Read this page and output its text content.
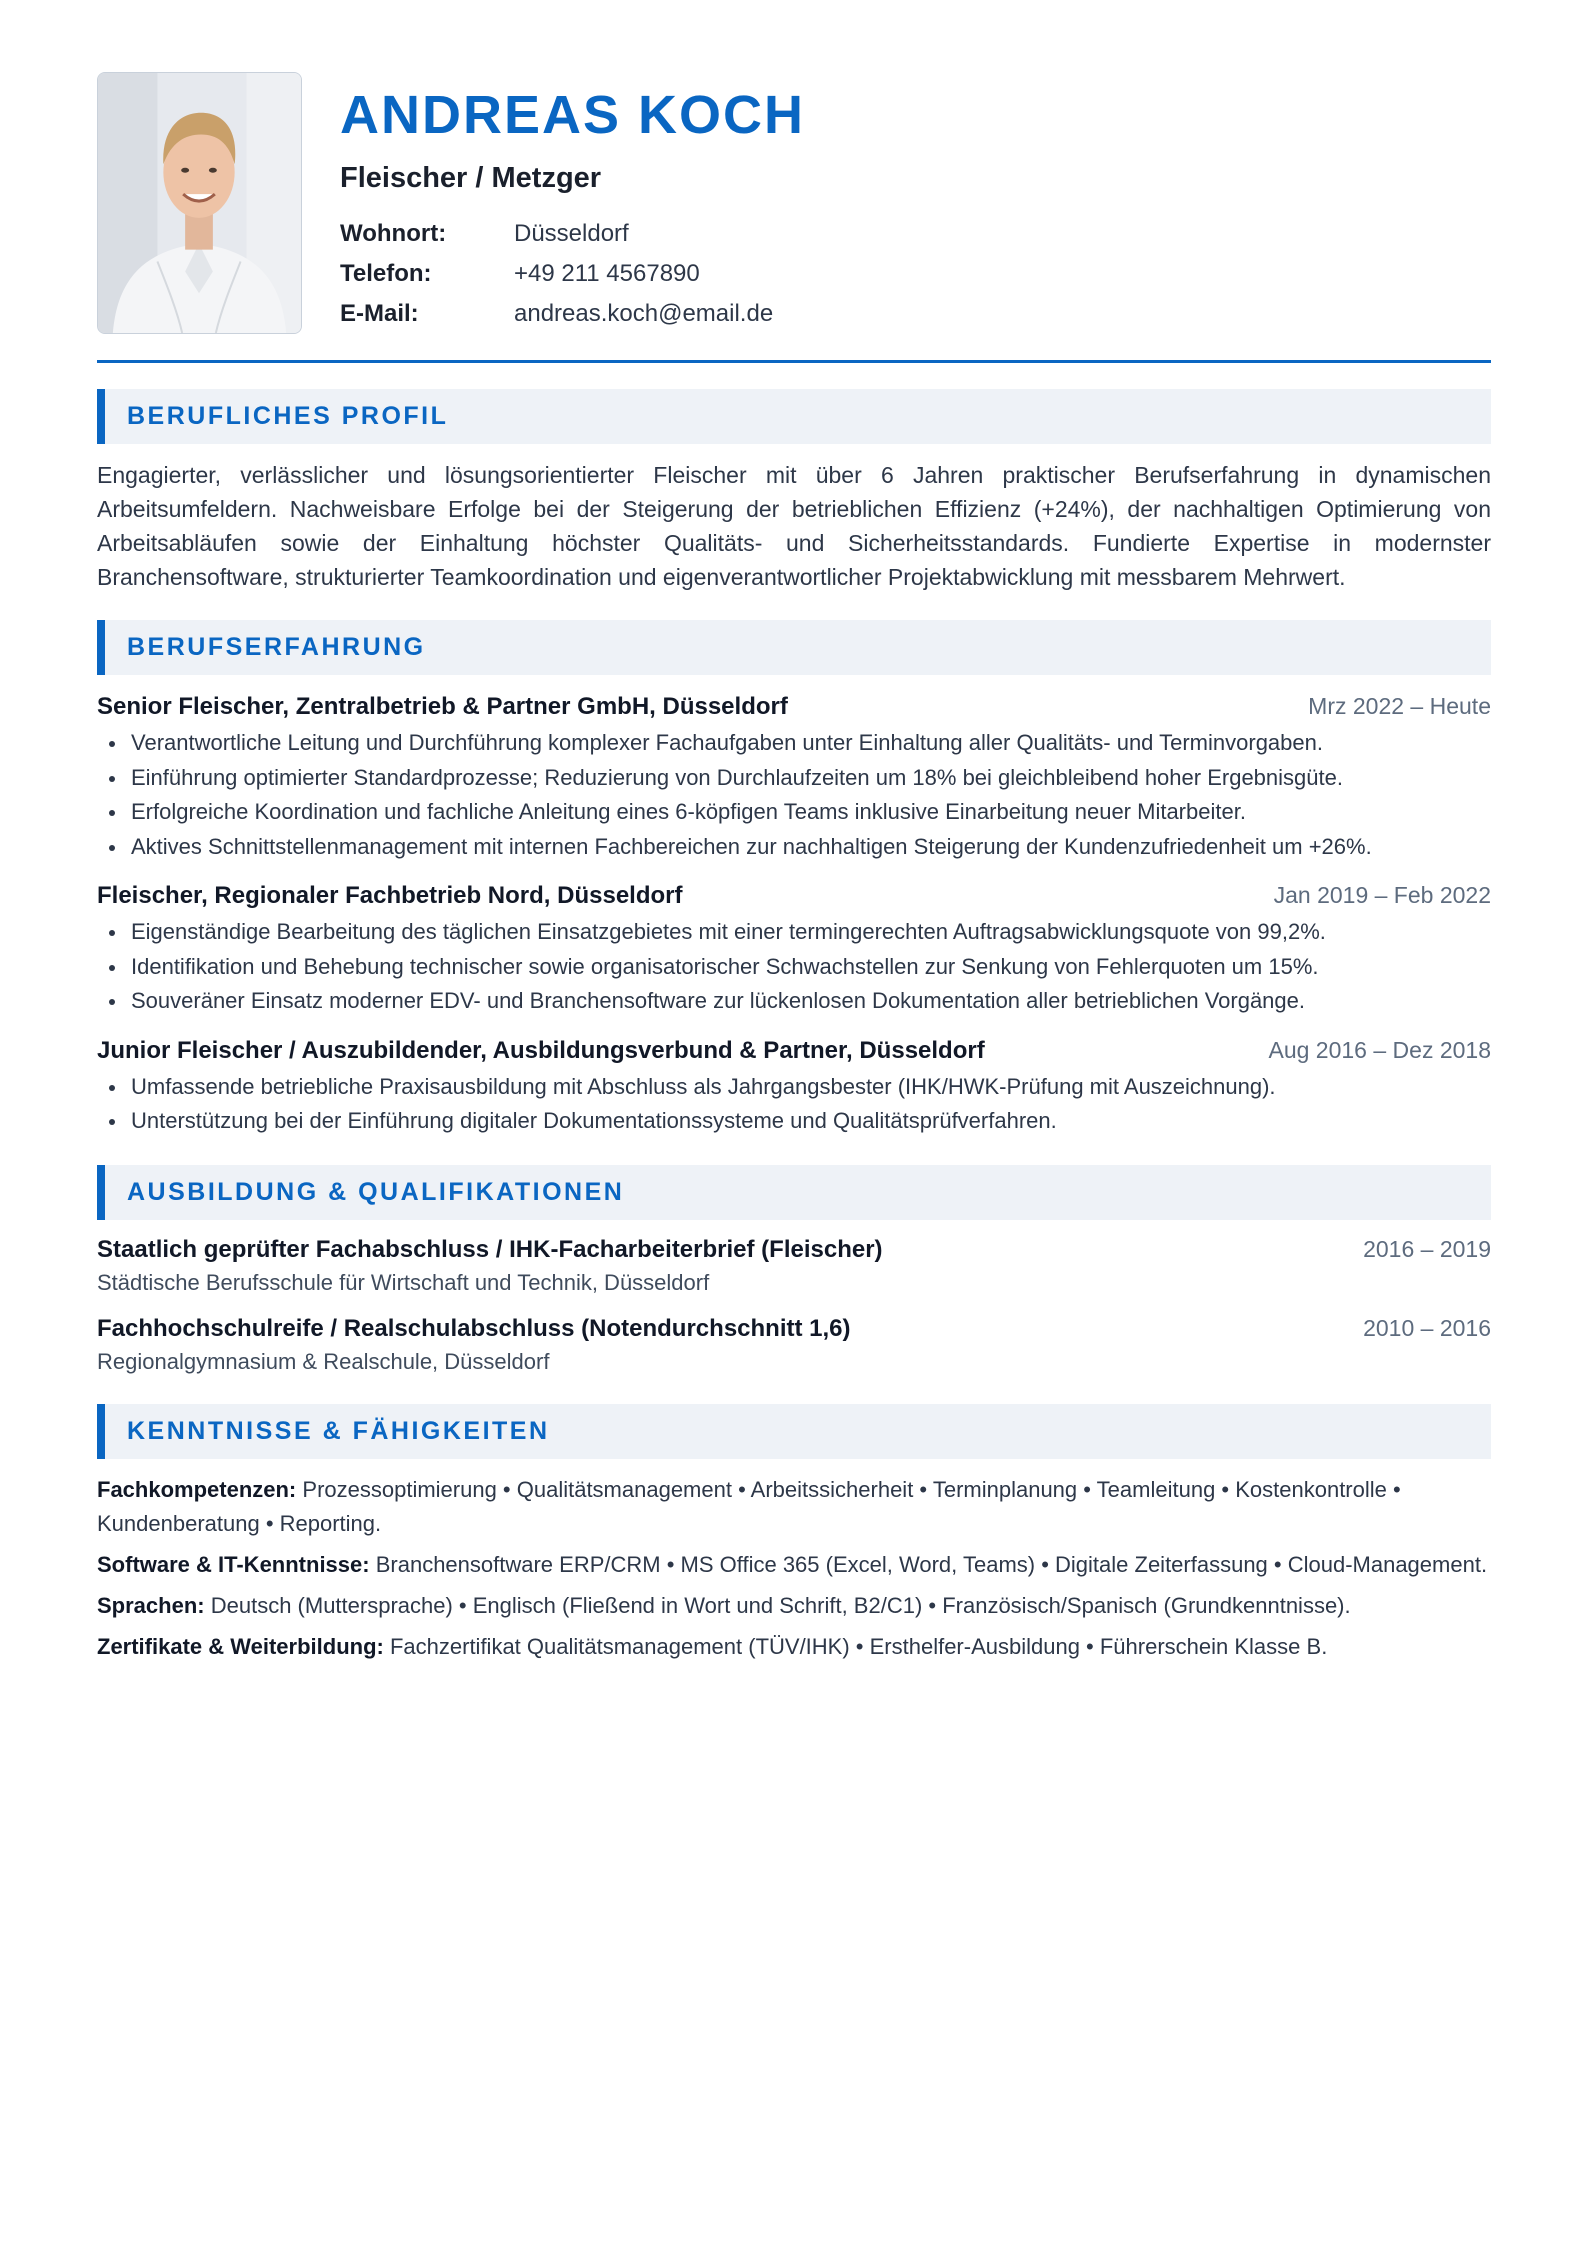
ANDREAS KOCH
Fleischer / Metzger
Wohnort:	Düsseldorf
Telefon:	+49 211 4567890
E-Mail:	andreas.koch@email.de
BERUFLICHES PROFIL

Engagierter, verlässlicher und lösungsorientierter Fleischer mit über 6 Jahren praktischer Berufserfahrung in dynamischen Arbeitsumfeldern. Nachweisbare Erfolge bei der Steigerung der betrieblichen Effizienz (+24%), der nachhaltigen Optimierung von Arbeitsabläufen sowie der Einhaltung höchster Qualitäts- und Sicherheitsstandards. Fundierte Expertise in modernster Branchensoftware, strukturierter Teamkoordination und eigenverantwortlicher Projektabwicklung mit messbarem Mehrwert.

BERUFSERFAHRUNG
Senior Fleischer, Zentralbetrieb & Partner GmbH, Düsseldorf	Mrz 2022 – Heute
Verantwortliche Leitung und Durchführung komplexer Fachaufgaben unter Einhaltung aller Qualitäts- und Terminvorgaben.
Einführung optimierter Standardprozesse; Reduzierung von Durchlaufzeiten um 18% bei gleichbleibend hoher Ergebnisgüte.
Erfolgreiche Koordination und fachliche Anleitung eines 6-köpfigen Teams inklusive Einarbeitung neuer Mitarbeiter.
Aktives Schnittstellenmanagement mit internen Fachbereichen zur nachhaltigen Steigerung der Kundenzufriedenheit um +26%.
Fleischer, Regionaler Fachbetrieb Nord, Düsseldorf	Jan 2019 – Feb 2022
Eigenständige Bearbeitung des täglichen Einsatzgebietes mit einer termingerechten Auftragsabwicklungsquote von 99,2%.
Identifikation und Behebung technischer sowie organisatorischer Schwachstellen zur Senkung von Fehlerquoten um 15%.
Souveräner Einsatz moderner EDV- und Branchensoftware zur lückenlosen Dokumentation aller betrieblichen Vorgänge.
Junior Fleischer / Auszubildender, Ausbildungsverbund & Partner, Düsseldorf	Aug 2016 – Dez 2018
Umfassende betriebliche Praxisausbildung mit Abschluss als Jahrgangsbester (IHK/HWK-Prüfung mit Auszeichnung).
Unterstützung bei der Einführung digitaler Dokumentationssysteme und Qualitätsprüfverfahren.
AUSBILDUNG & QUALIFIKATIONEN
Staatlich geprüfter Fachabschluss / IHK-Facharbeiterbrief (Fleischer)	2016 – 2019
Städtische Berufsschule für Wirtschaft und Technik, Düsseldorf
Fachhochschulreife / Realschulabschluss (Notendurchschnitt 1,6)	2010 – 2016
Regionalgymnasium & Realschule, Düsseldorf
KENNTNISSE & FÄHIGKEITEN

Fachkompetenzen: Prozessoptimierung • Qualitätsmanagement • Arbeitssicherheit • Terminplanung • Teamleitung • Kostenkontrolle • Kundenberatung • Reporting.

Software & IT-Kenntnisse: Branchensoftware ERP/CRM • MS Office 365 (Excel, Word, Teams) • Digitale Zeiterfassung • Cloud-Management.

Sprachen: Deutsch (Muttersprache) • Englisch (Fließend in Wort und Schrift, B2/C1) • Französisch/Spanisch (Grundkenntnisse).

Zertifikate & Weiterbildung: Fachzertifikat Qualitätsmanagement (TÜV/IHK) • Ersthelfer-Ausbildung • Führerschein Klasse B.
